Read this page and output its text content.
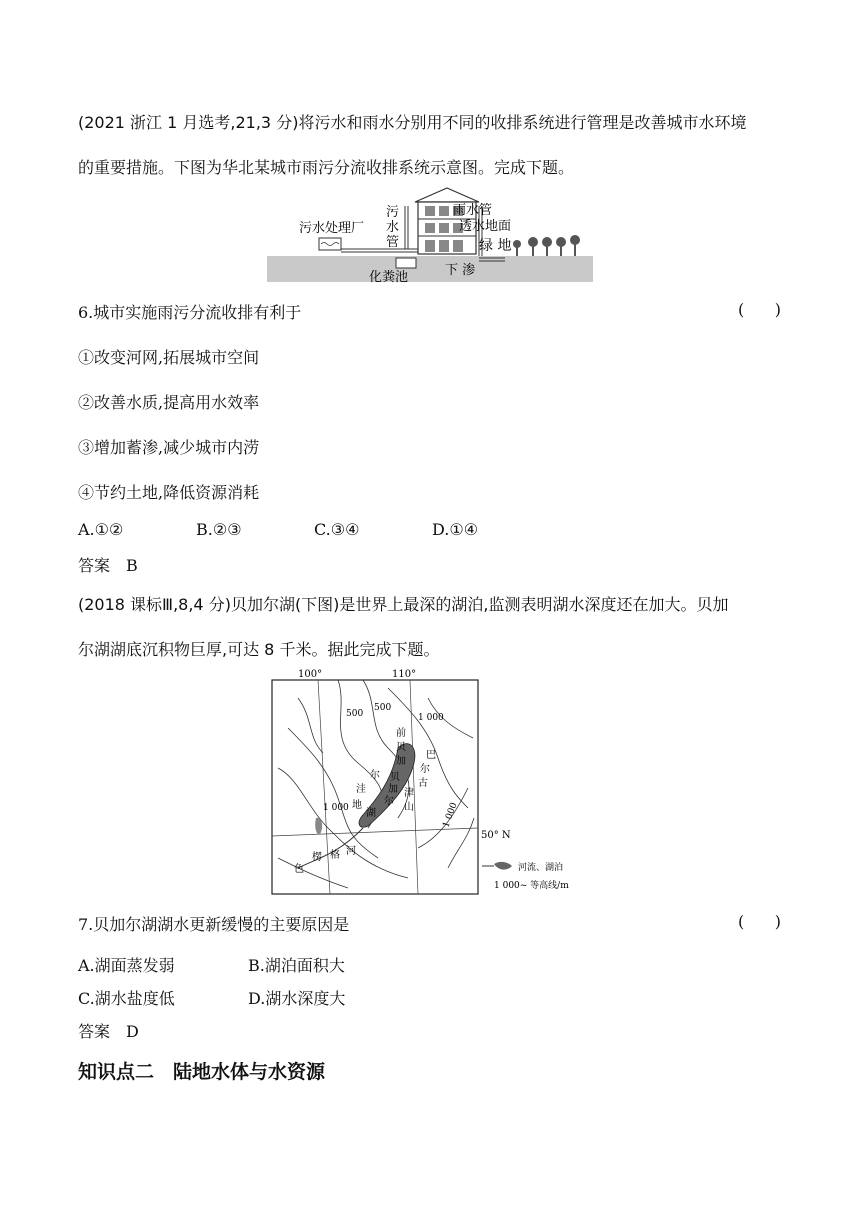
(2021 浙江 1 月选考,21,3 分)将污水和雨水分别用不同的收排系统进行管理是改善城市水环境
的重要措施。下图为华北某城市雨污分流收排系统示意图。完成下题。
污水处理厂
污
水
管
雨水管
透水地面
绿 地
化粪池	下 渗
6.城市实施雨污分流收排有利于	(      )
①改变河网,拓展城市空间
②改善水质,提高用水效率
③增加蓄渗,减少城市内涝
④节约土地,降低资源消耗
A.①②	B.②③	C.③④	D.①④
答案　B
(2018 课标Ⅲ,8,4 分)贝加尔湖(下图)是世界上最深的湖泊,监测表明湖水深度还在加大。贝加
尔湖湖底沉积物巨厚,可达 8 千米。据此完成下题。
100°	110°
50° N
500
500
1 000
1 000	1 000
前
贝
加
尔
湖
巴
尔
古
津
山
贝
加
尔
洼
地
色
楞 格 河
河流、湖泊
1 000~ 等高线/m
7.贝加尔湖湖水更新缓慢的主要原因是	(      )
A.湖面蒸发弱	B.湖泊面积大
C.湖水盐度低	D.湖水深度大
答案　D
知识点二　陆地水体与水资源
